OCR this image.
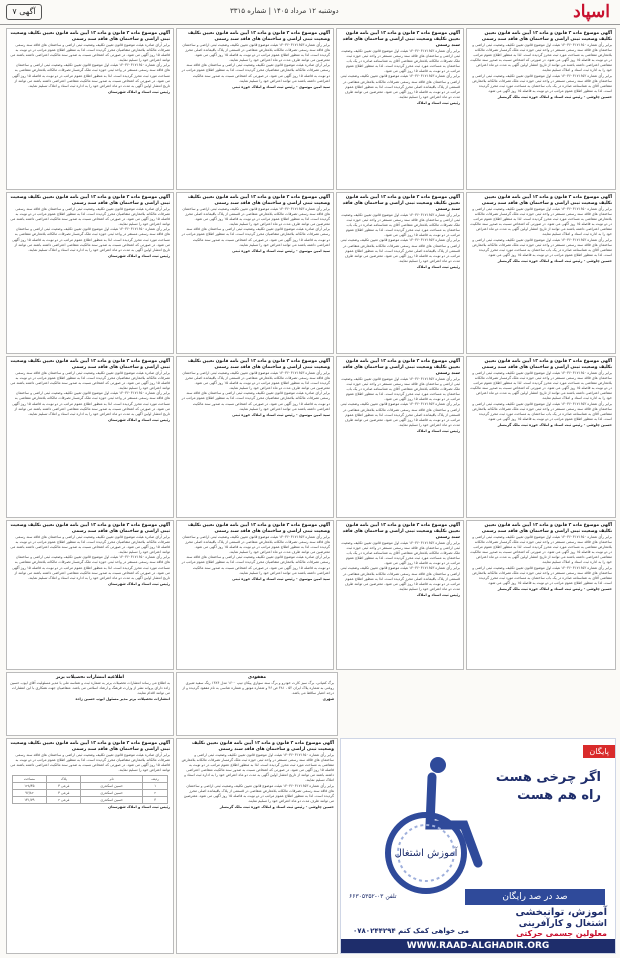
اسپاد
دوشنبه ۱۲ مرداد ۱۴۰۵ | شماره ۳۳۱۵
آگهی ۷
آگهی موضوع ماده ۳ قانون و ماده ۱۳ آیین نامه قانون تعیین تکلیف وضعیت ثبتی اراضی و ساختمان های فاقد سند رسمی
برابر رأی شماره ۱۴۰۳۶۰۳۱۷۱۶۵۰ هیئت اول موضوع قانون تعیین تکلیف وضعیت ثبتی اراضی و ساختمان های فاقد سند رسمی مستقر در واحد ثبتی حوزه ثبت ملک گرمسار تصرفات مالکانه بلامعارض متقاضی به مساحت مورد ثبت محرز گردیده است. لذا به منظور اطلاع عموم مراتب در دو نوبت به فاصله ۱۵ روز آگهی می شود. در صورتی که اشخاص نسبت به صدور سند مالکیت متقاضی اعتراضی داشته باشند می توانند از تاریخ انتشار اولین آگهی به مدت دو ماه اعتراض خود را به اداره ثبت اسناد و املاک تسلیم نمایند.
برابر رأی شماره ۱۴۰۳۶۰۳۱۷۱۶۵۲ هیئت اول موضوع قانون تعیین تکلیف وضعیت ثبتی اراضی و ساختمان های فاقد سند رسمی مستقر در واحد ثبتی حوزه ثبت ملک تصرفات مالکانه بلامعارض متقاضی آقای به شناسنامه صادره در یک باب ساختمان به مساحت مورد ثبت محرز گردیده است. لذا به منظور اطلاع عموم مراتب در دو نوبت به فاصله ۱۵ روز آگهی می شود.
حسین چاوشی - رئیس ثبت اسناد و املاک حوزه ثبت ملک گرمسار
آگهی موضوع ماده ۳ قانون و ماده ۱۳ آیین نامه قانون تعیین تکلیف وضعیت ثبتی اراضی و ساختمان های فاقد سند رسمی
برابر رأی شماره ۱۴۰۳۶۰۳۱۷۱۶۵۲ هیئت اول موضوع قانون تعیین تکلیف وضعیت ثبتی اراضی و ساختمان های فاقد سند رسمی مستقر در واحد ثبتی حوزه ثبت ملک تصرفات مالکانه بلامعارض متقاضی آقای به شناسنامه صادره در یک باب ساختمان به مساحت مورد ثبت محرز گردیده است. لذا به منظور اطلاع عموم مراتب در دو نوبت به فاصله ۱۵ روز آگهی می شود.
برابر رأی شماره ۱۴۰۳۶۰۳۱۷۱۶۵۳ هیئت موضوع قانون تعیین تکلیف وضعیت ثبتی اراضی و ساختمان های فاقد سند رسمی تصرفات مالکانه بلامعارض متقاضی در قسمتی از پلاک باقیمانده اصلی محرز گردیده است. لذا به منظور اطلاع عموم مراتب در دو نوبت به فاصله ۱۵ روز آگهی می شود. معترضین می توانند ظرف مدت دو ماه اعتراض خود را تسلیم نمایند.
رئیس ثبت اسناد و املاک
آگهی موضوع ماده ۳ قانون و ماده ۱۳ آیین نامه قانون تعیین تکلیف وضعیت ثبتی اراضی و ساختمان های فاقد سند رسمی
برابر رأی شماره ۱۴۰۳۶۰۳۱۷۱۶۵۳ هیئت موضوع قانون تعیین تکلیف وضعیت ثبتی اراضی و ساختمان های فاقد سند رسمی تصرفات مالکانه بلامعارض متقاضی در قسمتی از پلاک باقیمانده اصلی محرز گردیده است. لذا به منظور اطلاع عموم مراتب در دو نوبت به فاصله ۱۵ روز آگهی می شود. معترضین می توانند ظرف مدت دو ماه اعتراض خود را تسلیم نمایند.
برابر آرای صادره هیئت موضوع قانون تعیین تکلیف وضعیت ثبتی اراضی و ساختمان های فاقد سند رسمی تصرفات مالکانه بلامعارض متقاضیان محرز گردیده است. لذا به منظور اطلاع عموم مراتب در دو نوبت به فاصله ۱۵ روز آگهی می شود. در صورتی که اشخاص نسبت به صدور سند مالکیت اعتراضی داشته باشند می توانند اعتراض خود را تسلیم نمایند.
سید امین موسوی - رئیس ثبت اسناد و املاک حوزه ثبتی
آگهی موضوع ماده ۳ قانون و ماده ۱۳ آیین نامه قانون تعیین تکلیف وضعیت ثبتی اراضی و ساختمان های فاقد سند رسمی
برابر آرای صادره هیئت موضوع قانون تعیین تکلیف وضعیت ثبتی اراضی و ساختمان های فاقد سند رسمی تصرفات مالکانه بلامعارض متقاضیان محرز گردیده است. لذا به منظور اطلاع عموم مراتب در دو نوبت به فاصله ۱۵ روز آگهی می شود. در صورتی که اشخاص نسبت به صدور سند مالکیت اعتراضی داشته باشند می توانند اعتراض خود را تسلیم نمایند.
برابر رأی شماره ۱۴۰۳۶۰۳۱۷۱۶۵۰ هیئت اول موضوع قانون تعیین تکلیف وضعیت ثبتی اراضی و ساختمان های فاقد سند رسمی مستقر در واحد ثبتی حوزه ثبت ملک گرمسار تصرفات مالکانه بلامعارض متقاضی به مساحت مورد ثبت محرز گردیده است. لذا به منظور اطلاع عموم مراتب در دو نوبت به فاصله ۱۵ روز آگهی می شود. در صورتی که اشخاص نسبت به صدور سند مالکیت متقاضی اعتراضی داشته باشند می توانند از تاریخ انتشار اولین آگهی به مدت دو ماه اعتراض خود را به اداره ثبت اسناد و املاک تسلیم نمایند.
رئیس ثبت اسناد و املاک شهرستان
آگهی موضوع ماده ۳ قانون و ماده ۱۳ آیین نامه قانون تعیین تکلیف وضعیت ثبتی اراضی و ساختمان های فاقد سند رسمی
برابر رأی شماره ۱۴۰۳۶۰۳۱۷۱۶۵۰ هیئت اول موضوع قانون تعیین تکلیف وضعیت ثبتی اراضی و ساختمان های فاقد سند رسمی مستقر در واحد ثبتی حوزه ثبت ملک گرمسار تصرفات مالکانه بلامعارض متقاضی به مساحت مورد ثبت محرز گردیده است. لذا به منظور اطلاع عموم مراتب در دو نوبت به فاصله ۱۵ روز آگهی می شود. در صورتی که اشخاص نسبت به صدور سند مالکیت متقاضی اعتراضی داشته باشند می توانند از تاریخ انتشار اولین آگهی به مدت دو ماه اعتراض خود را به اداره ثبت اسناد و املاک تسلیم نمایند.
برابر رأی شماره ۱۴۰۳۶۰۳۱۷۱۶۵۲ هیئت اول موضوع قانون تعیین تکلیف وضعیت ثبتی اراضی و ساختمان های فاقد سند رسمی مستقر در واحد ثبتی حوزه ثبت ملک تصرفات مالکانه بلامعارض متقاضی آقای به شناسنامه صادره در یک باب ساختمان به مساحت مورد ثبت محرز گردیده است. لذا به منظور اطلاع عموم مراتب در دو نوبت به فاصله ۱۵ روز آگهی می شود.
حسین چاوشی - رئیس ثبت اسناد و املاک حوزه ثبت ملک گرمسار
آگهی موضوع ماده ۳ قانون و ماده ۱۳ آیین نامه قانون تعیین تکلیف وضعیت ثبتی اراضی و ساختمان های فاقد سند رسمی
برابر رأی شماره ۱۴۰۳۶۰۳۱۷۱۶۵۲ هیئت اول موضوع قانون تعیین تکلیف وضعیت ثبتی اراضی و ساختمان های فاقد سند رسمی مستقر در واحد ثبتی حوزه ثبت ملک تصرفات مالکانه بلامعارض متقاضی آقای به شناسنامه صادره در یک باب ساختمان به مساحت مورد ثبت محرز گردیده است. لذا به منظور اطلاع عموم مراتب در دو نوبت به فاصله ۱۵ روز آگهی می شود.
برابر رأی شماره ۱۴۰۳۶۰۳۱۷۱۶۵۳ هیئت موضوع قانون تعیین تکلیف وضعیت ثبتی اراضی و ساختمان های فاقد سند رسمی تصرفات مالکانه بلامعارض متقاضی در قسمتی از پلاک باقیمانده اصلی محرز گردیده است. لذا به منظور اطلاع عموم مراتب در دو نوبت به فاصله ۱۵ روز آگهی می شود. معترضین می توانند ظرف مدت دو ماه اعتراض خود را تسلیم نمایند.
رئیس ثبت اسناد و املاک
آگهی موضوع ماده ۳ قانون و ماده ۱۳ آیین نامه قانون تعیین تکلیف وضعیت ثبتی اراضی و ساختمان های فاقد سند رسمی
برابر رأی شماره ۱۴۰۳۶۰۳۱۷۱۶۵۳ هیئت موضوع قانون تعیین تکلیف وضعیت ثبتی اراضی و ساختمان های فاقد سند رسمی تصرفات مالکانه بلامعارض متقاضی در قسمتی از پلاک باقیمانده اصلی محرز گردیده است. لذا به منظور اطلاع عموم مراتب در دو نوبت به فاصله ۱۵ روز آگهی می شود. معترضین می توانند ظرف مدت دو ماه اعتراض خود را تسلیم نمایند.
برابر آرای صادره هیئت موضوع قانون تعیین تکلیف وضعیت ثبتی اراضی و ساختمان های فاقد سند رسمی تصرفات مالکانه بلامعارض متقاضیان محرز گردیده است. لذا به منظور اطلاع عموم مراتب در دو نوبت به فاصله ۱۵ روز آگهی می شود. در صورتی که اشخاص نسبت به صدور سند مالکیت اعتراضی داشته باشند می توانند اعتراض خود را تسلیم نمایند.
سید امین موسوی - رئیس ثبت اسناد و املاک حوزه ثبتی
آگهی موضوع ماده ۳ قانون و ماده ۱۳ آیین نامه قانون تعیین تکلیف وضعیت ثبتی اراضی و ساختمان های فاقد سند رسمی
برابر آرای صادره هیئت موضوع قانون تعیین تکلیف وضعیت ثبتی اراضی و ساختمان های فاقد سند رسمی تصرفات مالکانه بلامعارض متقاضیان محرز گردیده است. لذا به منظور اطلاع عموم مراتب در دو نوبت به فاصله ۱۵ روز آگهی می شود. در صورتی که اشخاص نسبت به صدور سند مالکیت اعتراضی داشته باشند می توانند اعتراض خود را تسلیم نمایند.
برابر رأی شماره ۱۴۰۳۶۰۳۱۷۱۶۵۰ هیئت اول موضوع قانون تعیین تکلیف وضعیت ثبتی اراضی و ساختمان های فاقد سند رسمی مستقر در واحد ثبتی حوزه ثبت ملک گرمسار تصرفات مالکانه بلامعارض متقاضی به مساحت مورد ثبت محرز گردیده است. لذا به منظور اطلاع عموم مراتب در دو نوبت به فاصله ۱۵ روز آگهی می شود. در صورتی که اشخاص نسبت به صدور سند مالکیت متقاضی اعتراضی داشته باشند می توانند از تاریخ انتشار اولین آگهی به مدت دو ماه اعتراض خود را به اداره ثبت اسناد و املاک تسلیم نمایند.
رئیس ثبت اسناد و املاک شهرستان
آگهی موضوع ماده ۳ قانون و ماده ۱۳ آیین نامه قانون تعیین تکلیف وضعیت ثبتی اراضی و ساختمان های فاقد سند رسمی
برابر رأی شماره ۱۴۰۳۶۰۳۱۷۱۶۵۰ هیئت اول موضوع قانون تعیین تکلیف وضعیت ثبتی اراضی و ساختمان های فاقد سند رسمی مستقر در واحد ثبتی حوزه ثبت ملک گرمسار تصرفات مالکانه بلامعارض متقاضی به مساحت مورد ثبت محرز گردیده است. لذا به منظور اطلاع عموم مراتب در دو نوبت به فاصله ۱۵ روز آگهی می شود. در صورتی که اشخاص نسبت به صدور سند مالکیت متقاضی اعتراضی داشته باشند می توانند از تاریخ انتشار اولین آگهی به مدت دو ماه اعتراض خود را به اداره ثبت اسناد و املاک تسلیم نمایند.
برابر رأی شماره ۱۴۰۳۶۰۳۱۷۱۶۵۲ هیئت اول موضوع قانون تعیین تکلیف وضعیت ثبتی اراضی و ساختمان های فاقد سند رسمی مستقر در واحد ثبتی حوزه ثبت ملک تصرفات مالکانه بلامعارض متقاضی آقای به شناسنامه صادره در یک باب ساختمان به مساحت مورد ثبت محرز گردیده است. لذا به منظور اطلاع عموم مراتب در دو نوبت به فاصله ۱۵ روز آگهی می شود.
حسین چاوشی - رئیس ثبت اسناد و املاک حوزه ثبت ملک گرمسار
آگهی موضوع ماده ۳ قانون و ماده ۱۳ آیین نامه قانون تعیین تکلیف وضعیت ثبتی اراضی و ساختمان های فاقد سند رسمی
برابر رأی شماره ۱۴۰۳۶۰۳۱۷۱۶۵۲ هیئت اول موضوع قانون تعیین تکلیف وضعیت ثبتی اراضی و ساختمان های فاقد سند رسمی مستقر در واحد ثبتی حوزه ثبت ملک تصرفات مالکانه بلامعارض متقاضی آقای به شناسنامه صادره در یک باب ساختمان به مساحت مورد ثبت محرز گردیده است. لذا به منظور اطلاع عموم مراتب در دو نوبت به فاصله ۱۵ روز آگهی می شود.
برابر رأی شماره ۱۴۰۳۶۰۳۱۷۱۶۵۳ هیئت موضوع قانون تعیین تکلیف وضعیت ثبتی اراضی و ساختمان های فاقد سند رسمی تصرفات مالکانه بلامعارض متقاضی در قسمتی از پلاک باقیمانده اصلی محرز گردیده است. لذا به منظور اطلاع عموم مراتب در دو نوبت به فاصله ۱۵ روز آگهی می شود. معترضین می توانند ظرف مدت دو ماه اعتراض خود را تسلیم نمایند.
رئیس ثبت اسناد و املاک
آگهی موضوع ماده ۳ قانون و ماده ۱۳ آیین نامه قانون تعیین تکلیف وضعیت ثبتی اراضی و ساختمان های فاقد سند رسمی
برابر رأی شماره ۱۴۰۳۶۰۳۱۷۱۶۵۳ هیئت موضوع قانون تعیین تکلیف وضعیت ثبتی اراضی و ساختمان های فاقد سند رسمی تصرفات مالکانه بلامعارض متقاضی در قسمتی از پلاک باقیمانده اصلی محرز گردیده است. لذا به منظور اطلاع عموم مراتب در دو نوبت به فاصله ۱۵ روز آگهی می شود. معترضین می توانند ظرف مدت دو ماه اعتراض خود را تسلیم نمایند.
برابر آرای صادره هیئت موضوع قانون تعیین تکلیف وضعیت ثبتی اراضی و ساختمان های فاقد سند رسمی تصرفات مالکانه بلامعارض متقاضیان محرز گردیده است. لذا به منظور اطلاع عموم مراتب در دو نوبت به فاصله ۱۵ روز آگهی می شود. در صورتی که اشخاص نسبت به صدور سند مالکیت اعتراضی داشته باشند می توانند اعتراض خود را تسلیم نمایند.
سید امین موسوی - رئیس ثبت اسناد و املاک حوزه ثبتی
آگهی موضوع ماده ۳ قانون و ماده ۱۳ آیین نامه قانون تعیین تکلیف وضعیت ثبتی اراضی و ساختمان های فاقد سند رسمی
برابر آرای صادره هیئت موضوع قانون تعیین تکلیف وضعیت ثبتی اراضی و ساختمان های فاقد سند رسمی تصرفات مالکانه بلامعارض متقاضیان محرز گردیده است. لذا به منظور اطلاع عموم مراتب در دو نوبت به فاصله ۱۵ روز آگهی می شود. در صورتی که اشخاص نسبت به صدور سند مالکیت اعتراضی داشته باشند می توانند اعتراض خود را تسلیم نمایند.
برابر رأی شماره ۱۴۰۳۶۰۳۱۷۱۶۵۰ هیئت اول موضوع قانون تعیین تکلیف وضعیت ثبتی اراضی و ساختمان های فاقد سند رسمی مستقر در واحد ثبتی حوزه ثبت ملک گرمسار تصرفات مالکانه بلامعارض متقاضی به مساحت مورد ثبت محرز گردیده است. لذا به منظور اطلاع عموم مراتب در دو نوبت به فاصله ۱۵ روز آگهی می شود. در صورتی که اشخاص نسبت به صدور سند مالکیت متقاضی اعتراضی داشته باشند می توانند از تاریخ انتشار اولین آگهی به مدت دو ماه اعتراض خود را به اداره ثبت اسناد و املاک تسلیم نمایند.
رئیس ثبت اسناد و املاک شهرستان
آگهی موضوع ماده ۳ قانون و ماده ۱۳ آیین نامه قانون تعیین تکلیف وضعیت ثبتی اراضی و ساختمان های فاقد سند رسمی
برابر رأی شماره ۱۴۰۳۶۰۳۱۷۱۶۵۰ هیئت اول موضوع قانون تعیین تکلیف وضعیت ثبتی اراضی و ساختمان های فاقد سند رسمی مستقر در واحد ثبتی حوزه ثبت ملک گرمسار تصرفات مالکانه بلامعارض متقاضی به مساحت مورد ثبت محرز گردیده است. لذا به منظور اطلاع عموم مراتب در دو نوبت به فاصله ۱۵ روز آگهی می شود. در صورتی که اشخاص نسبت به صدور سند مالکیت متقاضی اعتراضی داشته باشند می توانند از تاریخ انتشار اولین آگهی به مدت دو ماه اعتراض خود را به اداره ثبت اسناد و املاک تسلیم نمایند.
برابر رأی شماره ۱۴۰۳۶۰۳۱۷۱۶۵۲ هیئت اول موضوع قانون تعیین تکلیف وضعیت ثبتی اراضی و ساختمان های فاقد سند رسمی مستقر در واحد ثبتی حوزه ثبت ملک تصرفات مالکانه بلامعارض متقاضی آقای به شناسنامه صادره در یک باب ساختمان به مساحت مورد ثبت محرز گردیده است. لذا به منظور اطلاع عموم مراتب در دو نوبت به فاصله ۱۵ روز آگهی می شود.
حسین چاوشی - رئیس ثبت اسناد و املاک حوزه ثبت ملک گرمسار
آگهی موضوع ماده ۳ قانون و ماده ۱۳ آیین نامه قانون تعیین تکلیف وضعیت ثبتی اراضی و ساختمان های فاقد سند رسمی
برابر رأی شماره ۱۴۰۳۶۰۳۱۷۱۶۵۲ هیئت اول موضوع قانون تعیین تکلیف وضعیت ثبتی اراضی و ساختمان های فاقد سند رسمی مستقر در واحد ثبتی حوزه ثبت ملک تصرفات مالکانه بلامعارض متقاضی آقای به شناسنامه صادره در یک باب ساختمان به مساحت مورد ثبت محرز گردیده است. لذا به منظور اطلاع عموم مراتب در دو نوبت به فاصله ۱۵ روز آگهی می شود.
برابر رأی شماره ۱۴۰۳۶۰۳۱۷۱۶۵۳ هیئت موضوع قانون تعیین تکلیف وضعیت ثبتی اراضی و ساختمان های فاقد سند رسمی تصرفات مالکانه بلامعارض متقاضی در قسمتی از پلاک باقیمانده اصلی محرز گردیده است. لذا به منظور اطلاع عموم مراتب در دو نوبت به فاصله ۱۵ روز آگهی می شود. معترضین می توانند ظرف مدت دو ماه اعتراض خود را تسلیم نمایند.
رئیس ثبت اسناد و املاک
آگهی موضوع ماده ۳ قانون و ماده ۱۳ آیین نامه قانون تعیین تکلیف وضعیت ثبتی اراضی و ساختمان های فاقد سند رسمی
برابر رأی شماره ۱۴۰۳۶۰۳۱۷۱۶۵۳ هیئت موضوع قانون تعیین تکلیف وضعیت ثبتی اراضی و ساختمان های فاقد سند رسمی تصرفات مالکانه بلامعارض متقاضی در قسمتی از پلاک باقیمانده اصلی محرز گردیده است. لذا به منظور اطلاع عموم مراتب در دو نوبت به فاصله ۱۵ روز آگهی می شود. معترضین می توانند ظرف مدت دو ماه اعتراض خود را تسلیم نمایند.
برابر آرای صادره هیئت موضوع قانون تعیین تکلیف وضعیت ثبتی اراضی و ساختمان های فاقد سند رسمی تصرفات مالکانه بلامعارض متقاضیان محرز گردیده است. لذا به منظور اطلاع عموم مراتب در دو نوبت به فاصله ۱۵ روز آگهی می شود. در صورتی که اشخاص نسبت به صدور سند مالکیت اعتراضی داشته باشند می توانند اعتراض خود را تسلیم نمایند.
سید امین موسوی - رئیس ثبت اسناد و املاک حوزه ثبتی
آگهی موضوع ماده ۳ قانون و ماده ۱۳ آیین نامه قانون تعیین تکلیف وضعیت ثبتی اراضی و ساختمان های فاقد سند رسمی
برابر آرای صادره هیئت موضوع قانون تعیین تکلیف وضعیت ثبتی اراضی و ساختمان های فاقد سند رسمی تصرفات مالکانه بلامعارض متقاضیان محرز گردیده است. لذا به منظور اطلاع عموم مراتب در دو نوبت به فاصله ۱۵ روز آگهی می شود. در صورتی که اشخاص نسبت به صدور سند مالکیت اعتراضی داشته باشند می توانند اعتراض خود را تسلیم نمایند.
برابر رأی شماره ۱۴۰۳۶۰۳۱۷۱۶۵۰ هیئت اول موضوع قانون تعیین تکلیف وضعیت ثبتی اراضی و ساختمان های فاقد سند رسمی مستقر در واحد ثبتی حوزه ثبت ملک گرمسار تصرفات مالکانه بلامعارض متقاضی به مساحت مورد ثبت محرز گردیده است. لذا به منظور اطلاع عموم مراتب در دو نوبت به فاصله ۱۵ روز آگهی می شود. در صورتی که اشخاص نسبت به صدور سند مالکیت متقاضی اعتراضی داشته باشند می توانند از تاریخ انتشار اولین آگهی به مدت دو ماه اعتراض خود را به اداره ثبت اسناد و املاک تسلیم نمایند.
رئیس ثبت اسناد و املاک شهرستان
آگهی موضوع ماده ۳ قانون و ماده ۱۳ آیین نامه قانون تعیین تکلیف وضعیت ثبتی اراضی و ساختمان های فاقد سند رسمی
برابر آرای صادره هیئت موضوع قانون تعیین تکلیف وضعیت ثبتی اراضی و ساختمان های فاقد سند رسمی تصرفات مالکانه بلامعارض متقاضیان محرز گردیده است. لذا به منظور اطلاع عموم مراتب در دو نوبت به فاصله ۱۵ روز آگهی می شود. در صورتی که اشخاص نسبت به صدور سند مالکیت اعتراضی داشته باشند می توانند اعتراض خود را تسلیم نمایند.
ردیف	نام	پلاک	مساحت
۱	حسین اسکندری	فرعی ۴	۱۲۸/۴۵
۲	حسین اسکندری	فرعی ۴	۹۶/۸۲
۳	حسین اسکندری	فرعی ۲	۱۴۱/۷۹
رئیس ثبت اسناد و املاک شهرستان
آگهی موضوع ماده ۳ قانون و ماده ۱۳ آیین نامه قانون تعیین تکلیف وضعیت ثبتی اراضی و ساختمان های فاقد سند رسمی
برابر رأی شماره ۱۴۰۳۶۰۳۱۷۱۶۵۰ هیئت اول موضوع قانون تعیین تکلیف وضعیت ثبتی اراضی و ساختمان های فاقد سند رسمی مستقر در واحد ثبتی حوزه ثبت ملک گرمسار تصرفات مالکانه بلامعارض متقاضی به مساحت مورد ثبت محرز گردیده است. لذا به منظور اطلاع عموم مراتب در دو نوبت به فاصله ۱۵ روز آگهی می شود. در صورتی که اشخاص نسبت به صدور سند مالکیت متقاضی اعتراضی داشته باشند می توانند از تاریخ انتشار اولین آگهی به مدت دو ماه اعتراض خود را به اداره ثبت اسناد و املاک تسلیم نمایند.
برابر رأی شماره ۱۴۰۳۶۰۳۱۷۱۶۵۳ هیئت موضوع قانون تعیین تکلیف وضعیت ثبتی اراضی و ساختمان های فاقد سند رسمی تصرفات مالکانه بلامعارض متقاضی در قسمتی از پلاک باقیمانده اصلی محرز گردیده است. لذا به منظور اطلاع عموم مراتب در دو نوبت به فاصله ۱۵ روز آگهی می شود. معترضین می توانند ظرف مدت دو ماه اعتراض خود را تسلیم نمایند.
حسین چاوشی - رئیس ثبت اسناد و املاک حوزه ثبت ملک گرمسار
اطلاعیه انتشارات تحصیلات برتر
به اطلاع می رساند انتشارات تحصیلات برتر به شماره ثبت و شناسه ملی با مدیر مسئولیت آقای ایوب حسین زاده دارای پروانه نشر از وزارت فرهنگ و ارشاد اسلامی می باشد. متقاضیان جهت همکاری با این انتشارات می توانند اقدام نمایند.
انتشارات تحصیلات برتر مدیر مسئول ایوب حسین زاده
مفقودی
برگ کمپانی، برگ سبز کارت خودرو و برگ سند سواری پیکان تیپ ۱۶۰۰ مدل ۱۳۸۴ رنگ سفید شیری روغنی به شماره پلاک ایران ۵۲ - ۴۸۱ ص ۴۶ و شماره موتور و شماره شاسی به نام مفقود گردیده و از درجه اعتبار ساقط می باشد.
شهری
پایگان
اگر چرخی هست
راه هم هست
آموزش اشتغال
صد در صد رایگان
تلفن ۰۳-۶۶۳۰۵۳۵۲
آموزش، توانبخشی
اشتغال و کارآفرینی
معلولین جسمی حرکتی
می خواهی کمک کنم ۰۷۸۰۲۴۴۲۹۴
WWW.RAAD-ALGHADIR.ORG
